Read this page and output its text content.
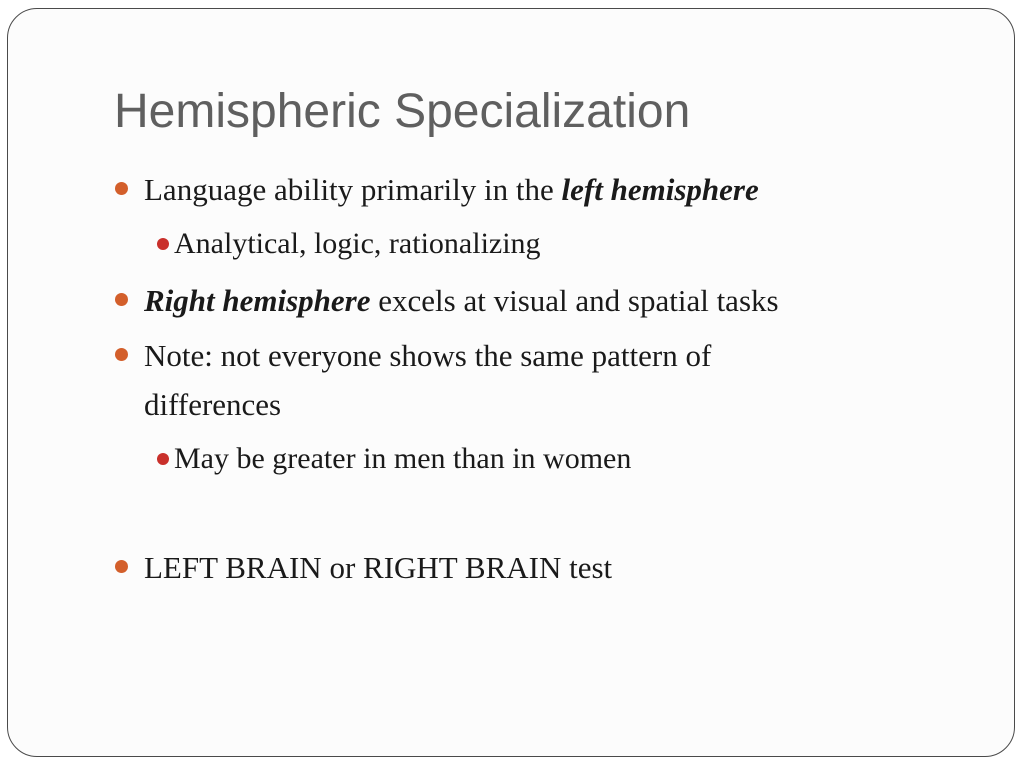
Hemispheric Specialization
Language ability primarily in the left hemisphere
Analytical, logic, rationalizing
Right hemisphere excels at visual and spatial tasks
Note: not everyone shows the same pattern of
differences
May be greater in men than in women
LEFT BRAIN or RIGHT BRAIN test
